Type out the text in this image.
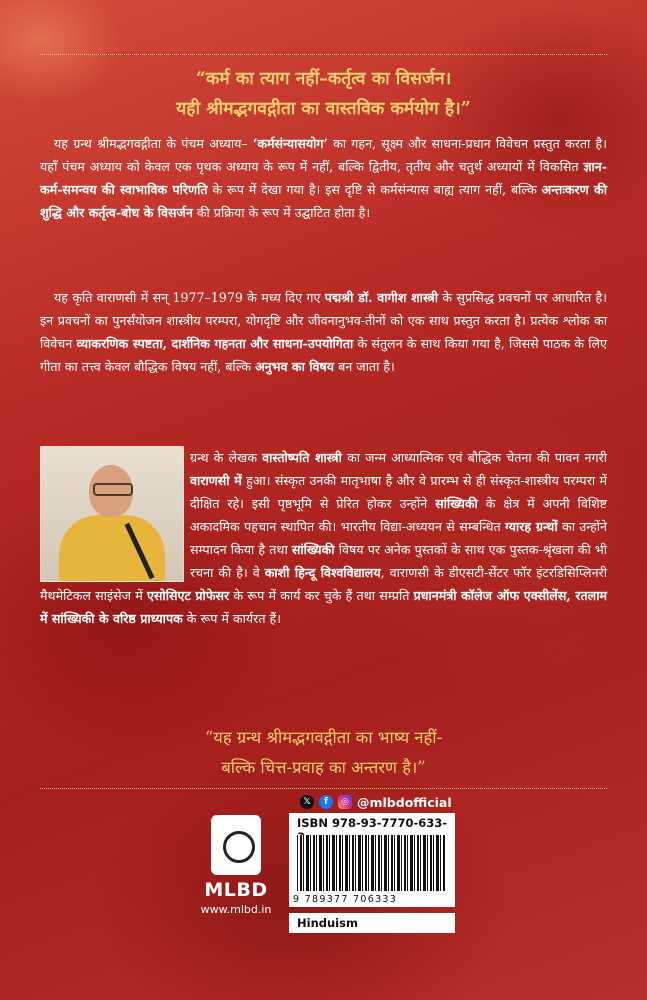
“कर्म का त्याग नहीं–कर्तृत्व का विसर्जन।
यही श्रीमद्भगवद्गीता का वास्तविक कर्मयोग है।”

यह ग्रन्थ श्रीमद्भगवद्गीता के पंचम अध्याय– ‘कर्मसंन्यासयोग’ का गहन, सूक्ष्म और साधना-प्रधान विवेचन प्रस्तुत करता है। यहाँ पंचम अध्याय को केवल एक पृथक अध्याय के रूप में नहीं, बल्कि द्वितीय, तृतीय और चतुर्थ अध्यायों में विकसित ज्ञान-कर्म-समन्वय की स्वाभाविक परिणति के रूप में देखा गया है। इस दृष्टि से कर्मसंन्यास बाह्य त्याग नहीं, बल्कि अन्तःकरण की शुद्धि और कर्तृत्व-बोध के विसर्जन की प्रक्रिया के रूप में उद्घाटित होता है।

यह कृति वाराणसी में सन् 1977–1979 के मध्य दिए गए पद्मश्री डॉ. वागीश शास्त्री के सुप्रसिद्ध प्रवचनों पर आधारित है। इन प्रवचनों का पुनर्संयोजन शास्त्रीय परम्परा, योगदृष्टि और जीवनानुभव-तीनों को एक साथ प्रस्तुत करता है। प्रत्येक श्लोक का विवेचन व्याकरणिक स्पष्टता, दार्शनिक गहनता और साधना-उपयोगिता के संतुलन के साथ किया गया है, जिससे पाठक के लिए गीता का तत्त्व केवल बौद्धिक विषय नहीं, बल्कि अनुभव का विषय बन जाता है।

ग्रन्थ के लेखक वास्तोष्पति शास्त्री का जन्म आध्यात्मिक एवं बौद्धिक चेतना की पावन नगरी वाराणसी में हुआ। संस्कृत उनकी मातृभाषा है और वे प्रारम्भ से ही संस्कृत-शास्त्रीय परम्परा में दीक्षित रहे। इसी पृष्ठभूमि से प्रेरित होकर उन्होंने सांख्यिकी के क्षेत्र में अपनी विशिष्ट अकादमिक पहचान स्थापित की। भारतीय विद्या-अध्ययन से सम्बन्धित ग्यारह ग्रन्थों का उन्होंने सम्पादन किया है तथा सांख्यिकी विषय पर अनेक पुस्तकों के साथ एक पुस्तक-श्रृंखला की भी रचना की है। वे काशी हिन्दू विश्वविद्यालय, वाराणसी के डीएसटी-सेंटर फॉर इंटरडिसिप्लिनरी मैथमेटिकल साइंसेज में एसोसिएट प्रोफेसर के रूप में कार्य कर चुके हैं तथा सम्प्रति प्रधानमंत्री कॉलेज ऑफ एक्सीलेंस, रतलाम में सांख्यिकी के वरिष्ठ प्राध्यापक के रूप में कार्यरत हैं।
“यह ग्रन्थ श्रीमद्भगवद्गीता का भाष्य नहीं-
बल्कि चित्त-प्रवाह का अन्तरण है।”
𝕏	f	◎ @mlbdofficial
MLBD
www.mlbd.in
ISBN 978-93-7770-633-
9 789377 706333
Hinduism
